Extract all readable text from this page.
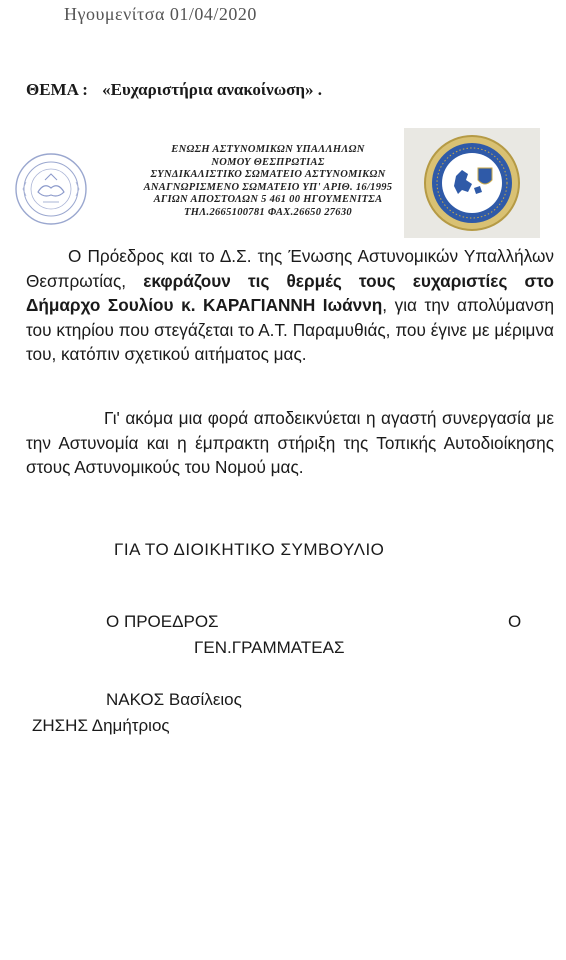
Ηγουμενίτσα 01/04/2020
ΘΕΜΑ : «Ευχαριστήρια ανακοίνωση» .
ΕΝΩΣΗ ΑΣΤΥΝΟΜΙΚΩΝ ΥΠΑΛΛΗΛΩΝ
ΝΟΜΟΥ ΘΕΣΠΡΩΤΙΑΣ
ΣΥΝΔΙΚΑΛΙΣΤΙΚΟ ΣΩΜΑΤΕΙΟ ΑΣΤΥΝΟΜΙΚΩΝ
ΑΝΑΓΝΩΡΙΣΜΕΝΟ ΣΩΜΑΤΕΙΟ ΥΠ' ΑΡΙΘ. 16/1995
ΑΓΙΩΝ ΑΠΟΣΤΟΛΩΝ 5 461 00 ΗΓΟΥΜΕΝΙΤΣΑ
ΤΗΛ.2665100781 ΦΑΧ.26650 27630
Ο Πρόεδρος και το Δ.Σ. της Ένωσης Αστυνομικών Υπαλλήλων Θεσπρωτίας, εκφράζουν τις θερμές τους ευχαριστίες στο Δήμαρχο Σουλίου κ. ΚΑΡΑΓΙΑΝΝΗ Ιωάννη, για την απολύμανση του κτηρίου που στεγάζεται το Α.Τ. Παραμυθιάς, που έγινε με μέριμνα του, κατόπιν σχετικού αιτήματος μας.
Γι' ακόμα μια φορά αποδεικνύεται η αγαστή συνεργασία με την Αστυνομία και η έμπρακτη στήριξη της Τοπικής Αυτοδιοίκησης στους Αστυνομικούς του Νομού μας.
ΓΙΑ ΤΟ ΔΙΟΙΚΗΤΙΚΟ ΣΥΜΒΟΥΛΙΟ
Ο ΠΡΟΕΔΡΟΣ	Ο
ΓΕΝ.ΓΡΑΜΜΑΤΕΑΣ
ΝΑΚΟΣ Βασίλειος
ΖΗΣΗΣ Δημήτριος
